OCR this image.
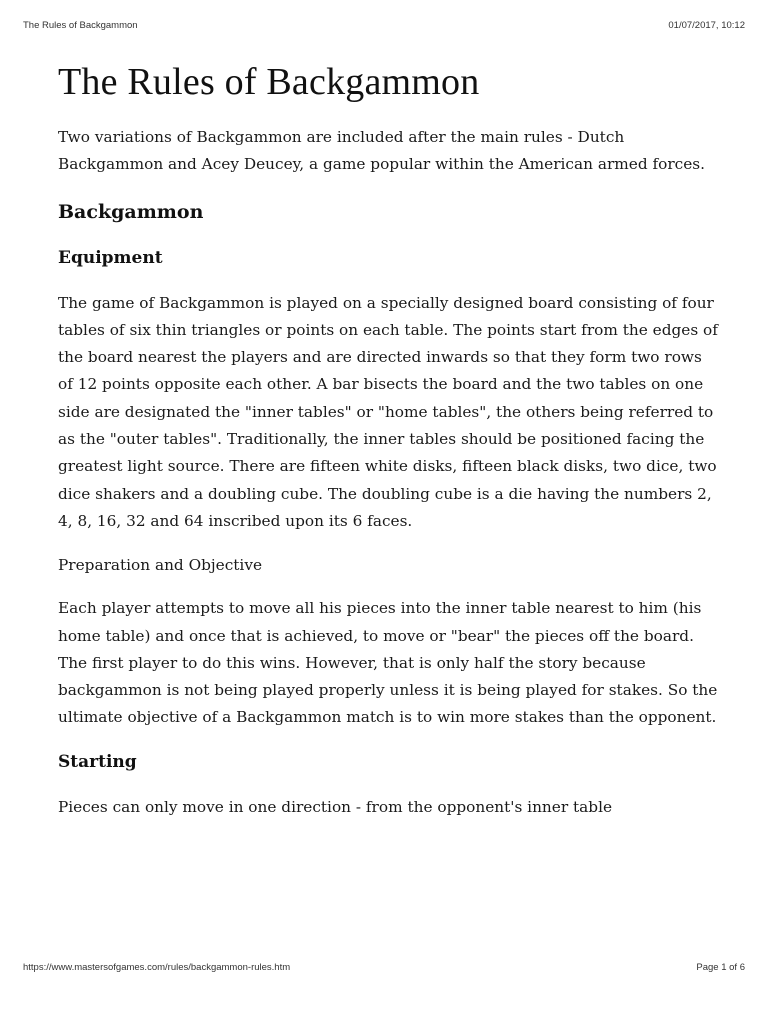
The Rules of Backgammon	01/07/2017, 10:12
The Rules of Backgammon

Two variations of Backgammon are included after the main rules - Dutch Backgammon and Acey Deucey, a game popular within the American armed forces.

Backgammon
Equipment

The game of Backgammon is played on a specially designed board consisting of four tables of six thin triangles or points on each table. The points start from the edges of the board nearest the players and are directed inwards so that they form two rows of 12 points opposite each other. A bar bisects the board and the two tables on one side are designated the "inner tables" or "home tables", the others being referred to as the "outer tables". Traditionally, the inner tables should be positioned facing the greatest light source. There are fifteen white disks, fifteen black disks, two dice, two dice shakers and a doubling cube. The doubling cube is a die having the numbers 2, 4, 8, 16, 32 and 64 inscribed upon its 6 faces.

Preparation and Objective

Each player attempts to move all his pieces into the inner table nearest to him (his home table) and once that is achieved, to move or "bear" the pieces off the board. The first player to do this wins. However, that is only half the story because backgammon is not being played properly unless it is being played for stakes. So the ultimate objective of a Backgammon match is to win more stakes than the opponent.

Starting

Pieces can only move in one direction - from the opponent's inner table

https://www.mastersofgames.com/rules/backgammon-rules.htm	Page 1 of 6
